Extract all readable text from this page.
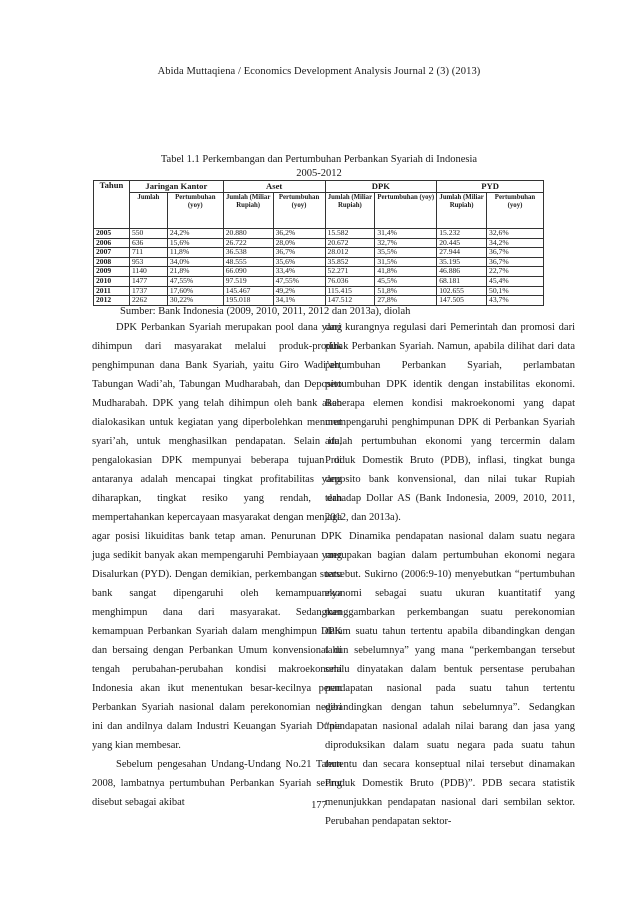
Abida Muttaqiena / Economics Development Analysis Journal 2 (3) (2013)
Tabel 1.1 Perkembangan dan Pertumbuhan Perbankan Syariah di Indonesia
2005-2012
Tahun	Jaringan Kantor		Aset		DPK		PYD	
	Jumlah	Pertumbuhan (yoy)	Jumlah (Miliar Rupiah)	Pertumbuhan (yoy)	Jumlah (Miliar Rupiah)	Pertumbuhan (yoy)	Jumlah (Miliar Rupiah)	Pertumbuhan (yoy)
2005	550	24,2%	20.880	36,2%	15.582	31,4%	15.232	32,6%
2006	636	15,6%	26.722	28,0%	20.672	32,7%	20.445	34,2%
2007	711	11,8%	36.538	36,7%	28.012	35,5%	27.944	36,7%
2008	953	34,0%	48.555	35,6%	35.852	31,5%	35.195	36,7%
2009	1140	21,8%	66.090	33,4%	52.271	41,8%	46.886	22,7%
2010	1477	47,55%	97.519	47,55%	76.036	45,5%	68.181	45,4%
2011	1737	17,60%	145.467	49,2%	115.415	51,8%	102.655	50,1%
2012	2262	30,22%	195.018	34,1%	147.512	27,8%	147.505	43,7%
Sumber: Bank Indonesia (2009, 2010, 2011, 2012 dan 2013a), diolah

DPK Perbankan Syariah merupakan pool dana yang dihimpun dari masyarakat melalui produk-produk penghimpunan dana Bank Syariah, yaitu Giro Wadi’ah, Tabungan Wadi’ah, Tabungan Mudharabah, dan Deposito Mudharabah. DPK yang telah dihimpun oleh bank akan dialokasikan untuk kegiatan yang diperbolehkan menurut syari’ah, untuk menghasilkan pendapatan. Selain itu, pengalokasian DPK mempunyai beberapa tujuan di antaranya adalah mencapai tingkat profitabilitas yang diharapkan, tingkat resiko yang rendah, dan mempertahankan kepercayaan masyarakat dengan menjaga agar posisi likuiditas bank tetap aman. Penurunan DPK juga sedikit banyak akan mempengaruhi Pembiayaan yang Disalurkan (PYD). Dengan demikian, perkembangan suatu bank sangat dipengaruhi oleh kemampuannya menghimpun dana dari masyarakat. Sedangkan kemampuan Perbankan Syariah dalam menghimpun DPK dan bersaing dengan Perbankan Umum konvensional di tengah perubahan-perubahan kondisi makroekonomi Indonesia akan ikut menentukan besar-kecilnya peran Perbankan Syariah nasional dalam perekonomian negeri ini dan andilnya dalam Industri Keuangan Syariah Dunia yang kian membesar.

Sebelum pengesahan Undang-Undang No.21 Tahun 2008, lambatnya pertumbuhan Perbankan Syariah sering disebut sebagai akibat

dari kurangnya regulasi dari Pemerintah dan promosi dari pihak Perbankan Syariah. Namun, apabila dilihat dari data pertumbuhan Perbankan Syariah, perlambatan pertumbuhan DPK identik dengan instabilitas ekonomi. Beberapa elemen kondisi makroekonomi yang dapat mempengaruhi penghimpunan DPK di Perbankan Syariah adalah pertumbuhan ekonomi yang tercermin dalam Produk Domestik Bruto (PDB), inflasi, tingkat bunga deposito bank konvensional, dan nilai tukar Rupiah terhadap Dollar AS (Bank Indonesia, 2009, 2010, 2011, 2012, dan 2013a).

Dinamika pendapatan nasional dalam suatu negara merupakan bagian dalam pertumbuhan ekonomi negara tersebut. Sukirno (2006:9-10) menyebutkan “pertumbuhan ekonomi sebagai suatu ukuran kuantitatif yang menggambarkan perkembangan suatu perekonomian dalam suatu tahun tertentu apabila dibandingkan dengan tahun sebelumnya” yang mana “perkembangan tersebut selalu dinyatakan dalam bentuk persentase perubahan pendapatan nasional pada suatu tahun tertentu dibandingkan dengan tahun sebelumnya”. Sedangkan “pendapatan nasional adalah nilai barang dan jasa yang diproduksikan dalam suatu negara pada suatu tahun tertentu dan secara konseptual nilai tersebut dinamakan Produk Domestik Bruto (PDB)”. PDB secara statistik menunjukkan pendapatan nasional dari sembilan sektor. Perubahan pendapatan sektor-

177
